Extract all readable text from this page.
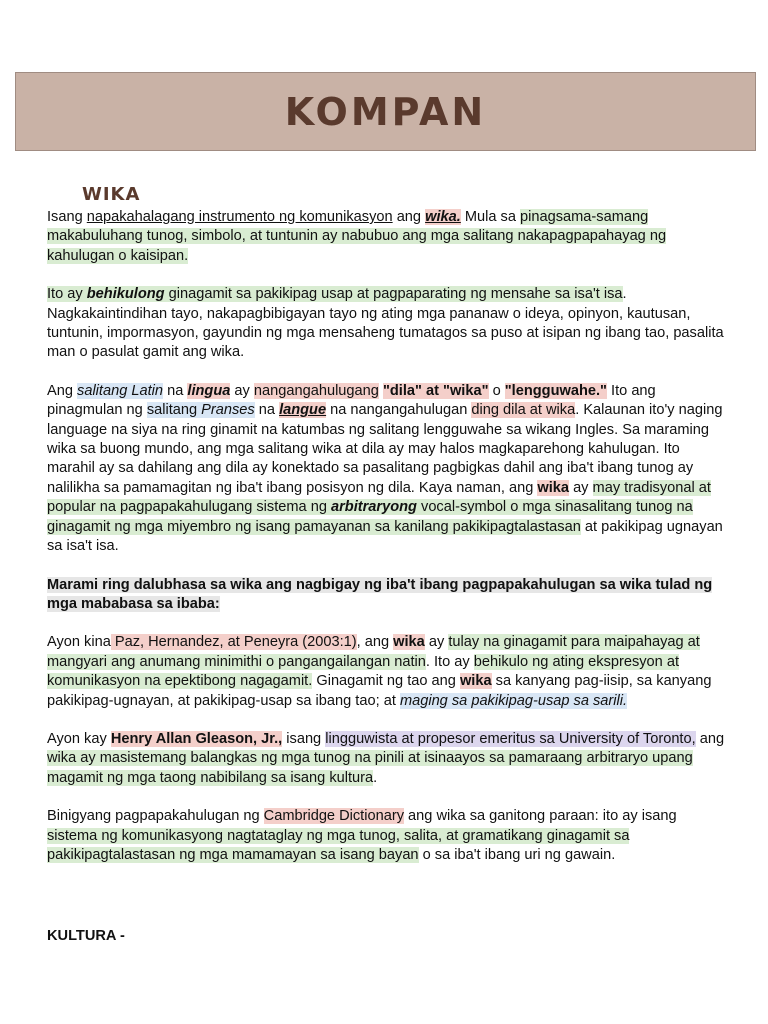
KOMPAN
WIKA

Isang napakahalagang instrumento ng komunikasyon ang wika. Mula sa pinagsama-samang makabuluhang tunog, simbolo, at tuntunin ay nabubuo ang mga salitang nakapagpapahayag ng kahulugan o kaisipan.

Ito ay behikulong ginagamit sa pakikipag usap at pagpaparating ng mensahe sa isa't isa. Nagkakaintindihan tayo, nakapagbibigayan tayo ng ating mga pananaw o ideya, opinyon, kautusan, tuntunin, impormasyon, gayundin ng mga mensaheng tumatagos sa puso at isipan ng ibang tao, pasalita man o pasulat gamit ang wika.

Ang salitang Latin na lingua ay nangangahulugang "dila" at "wika" o "lengguwahe." Ito ang pinagmulan ng salitang Pranses na langue na nangangahulugan ding dila at wika. Kalaunan ito'y naging language na siya na ring ginamit na katumbas ng salitang lengguwahe sa wikang Ingles. Sa maraming wika sa buong mundo, ang mga salitang wika at dila ay may halos magkaparehong kahulugan. Ito marahil ay sa dahilang ang dila ay konektado sa pasalitang pagbigkas dahil ang iba't ibang tunog ay nalilikha sa pamamagitan ng iba't ibang posisyon ng dila. Kaya naman, ang wika ay may tradisyonal at popular na pagpapakahulugang sistema ng arbitraryong vocal-symbol o mga sinasalitang tunog na ginagamit ng mga miyembro ng isang pamayanan sa kanilang pakikipagtalastasan at pakikipag ugnayan sa isa't isa.

Marami ring dalubhasa sa wika ang nagbigay ng iba't ibang pagpapakahulugan sa wika tulad ng mga mababasa sa ibaba:

Ayon kina Paz, Hernandez, at Peneyra (2003:1), ang wika ay tulay na ginagamit para maipahayag at mangyari ang anumang minimithi o pangangailangan natin. Ito ay behikulo ng ating ekspresyon at komunikasyon na epektibong nagagamit. Ginagamit ng tao ang wika sa kanyang pag-iisip, sa kanyang pakikipag-ugnayan, at pakikipag-usap sa ibang tao; at maging sa pakikipag-usap sa sarili.

Ayon kay Henry Allan Gleason, Jr., isang lingguwista at propesor emeritus sa University of Toronto, ang wika ay masistemang balangkas ng mga tunog na pinili at isinaayos sa pamaraang arbitraryo upang magamit ng mga taong nabibilang sa isang kultura.

Binigyang pagpapakahulugan ng Cambridge Dictionary ang wika sa ganitong paraan: ito ay isang sistema ng komunikasyong nagtataglay ng mga tunog, salita, at gramatikang ginagamit sa pakikipagtalastasan ng mga mamamayan sa isang bayan o sa iba't ibang uri ng gawain.

KULTURA -
